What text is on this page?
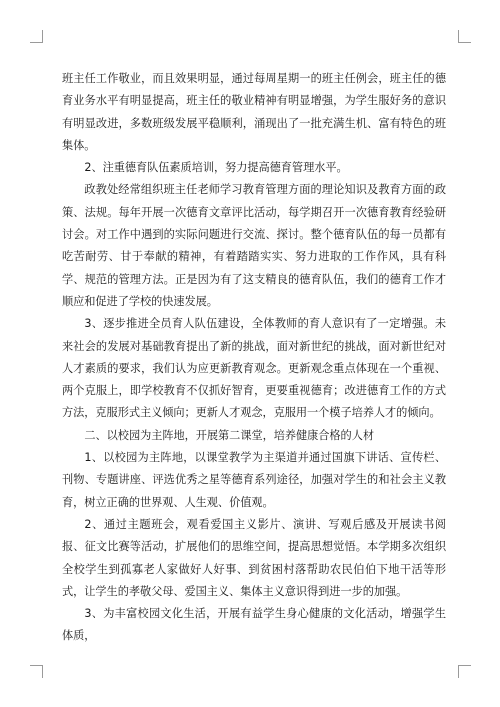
班主任工作敬业，而且效果明显，通过每周星期一的班主任例会，班主任的德育业务水平有明显提高，班主任的敬业精神有明显增强，为学生服好务的意识有明显改进，多数班级发展平稳顺利，涌现出了一批充满生机、富有特色的班集体。

2、注重德育队伍素质培训，努力提高德育管理水平。

政教处经常组织班主任老师学习教育管理方面的理论知识及教育方面的政策、法规。每年开展一次德育文章评比活动，每学期召开一次德育教育经验研讨会。对工作中遇到的实际问题进行交流、探讨。整个德育队伍的每一员都有吃苦耐劳、甘于奉献的精神，有着踏踏实实、努力进取的工作作风，具有科学、规范的管理方法。正是因为有了这支精良的德育队伍，我们的德育工作才顺应和促进了学校的快速发展。

3、逐步推进全员育人队伍建设，全体教师的育人意识有了一定增强。未来社会的发展对基础教育提出了新的挑战，面对新世纪的挑战，面对新世纪对人才素质的要求，我们认为应更新教育观念。更新观念重点体现在一个重视、两个克服上，即学校教育不仅抓好智育，更要重视德育；改进德育工作的方式方法，克服形式主义倾向；更新人才观念，克服用一个模子培养人才的倾向。

二、以校园为主阵地，开展第二课堂，培养健康合格的人材

1、以校园为主阵地，以课堂教学为主渠道并通过国旗下讲话、宣传栏、刊物、专题讲座、评选优秀之星等德育系列途径，加强对学生的和社会主义教育，树立正确的世界观、人生观、价值观。

2、通过主题班会，观看爱国主义影片、演讲、写观后感及开展读书阅报、征文比赛等活动，扩展他们的思维空间，提高思想觉悟。本学期多次组织全校学生到孤寡老人家做好人好事、到贫困村落帮助农民伯伯下地干活等形式，让学生的孝敬父母、爱国主义、集体主义意识得到进一步的加强。

3、为丰富校园文化生活，开展有益学生身心健康的文化活动，增强学生体质，
